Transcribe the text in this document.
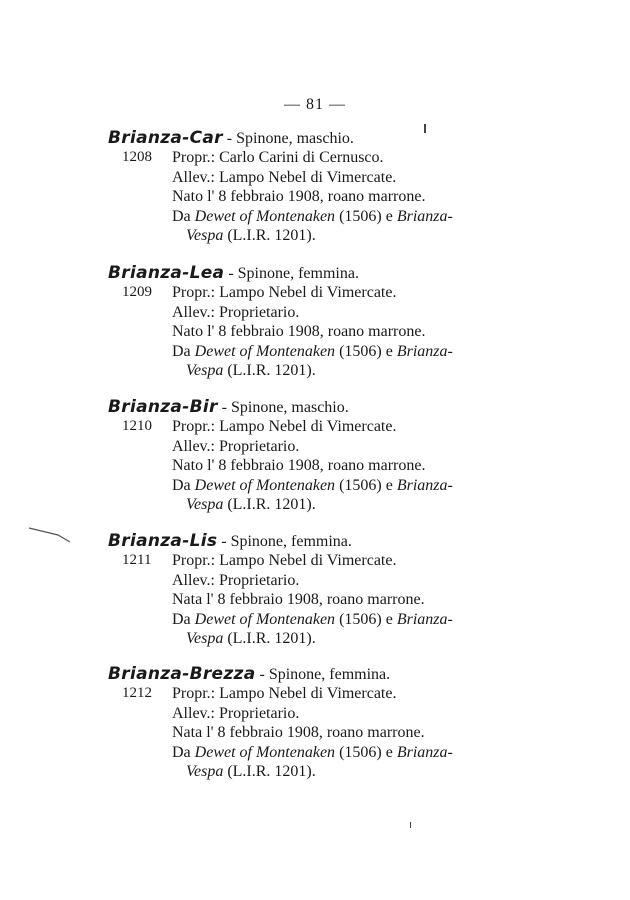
— 81 —
Brianza-Car - Spinone, maschio.
1208 Propr.: Carlo Carini di Cernusco.
Allev.: Lampo Nebel di Vimercate.
Nato l' 8 febbraio 1908, roano marrone.
Da Dewet of Montenaken (1506) e Brianza-
Vespa (L.I.R. 1201).
Brianza-Lea - Spinone, femmina.
1209 Propr.: Lampo Nebel di Vimercate.
Allev.: Proprietario.
Nato l' 8 febbraio 1908, roano marrone.
Da Dewet of Montenaken (1506) e Brianza-
Vespa (L.I.R. 1201).
Brianza-Bir - Spinone, maschio.
1210 Propr.: Lampo Nebel di Vimercate.
Allev.: Proprietario.
Nato l' 8 febbraio 1908, roano marrone.
Da Dewet of Montenaken (1506) e Brianza-
Vespa (L.I.R. 1201).
Brianza-Lis - Spinone, femmina.
1211 Propr.: Lampo Nebel di Vimercate.
Allev.: Proprietario.
Nata l' 8 febbraio 1908, roano marrone.
Da Dewet of Montenaken (1506) e Brianza-
Vespa (L.I.R. 1201).
Brianza-Brezza - Spinone, femmina.
1212 Propr.: Lampo Nebel di Vimercate.
Allev.: Proprietario.
Nata l' 8 febbraio 1908, roano marrone.
Da Dewet of Montenaken (1506) e Brianza-
Vespa (L.I.R. 1201).
